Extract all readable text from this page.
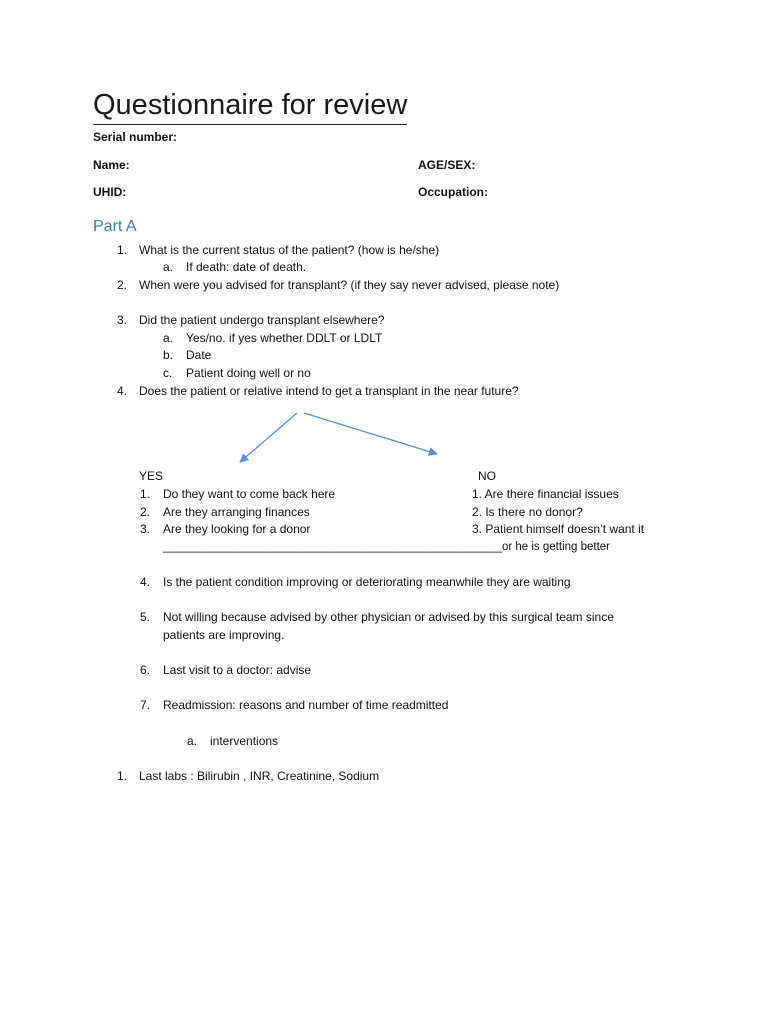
Questionnaire for review
Serial number:
Name:	AGE/SEX:
UHID:	Occupation:
Part A
1. What is the current status of the patient? (how is he/she)
a. If death: date of death.
2. When were you advised for transplant? (if they say never advised, please note)
3. Did the patient undergo transplant elsewhere?
a. Yes/no. if yes whether DDLT or LDLT
b. Date
c. Patient doing well or no
4. Does the patient or relative intend to get a transplant in the near future?
YES
1. Do they want to come back here
2. Are they arranging finances
3. Are they looking for a donor
NO
1. Are there financial issues
2. Is there no donor?
3. Patient himself doesn’t want it
_____________________________________________________or he is getting better
4. Is the patient condition improving or deteriorating meanwhile they are waiting
5. Not willing because advised by other physician or advised by this surgical team since
patients are improving.
6. Last visit to a doctor: advise
7. Readmission: reasons and number of time readmitted
a. interventions
1. Last labs : Bilirubin , INR, Creatinine, Sodium
